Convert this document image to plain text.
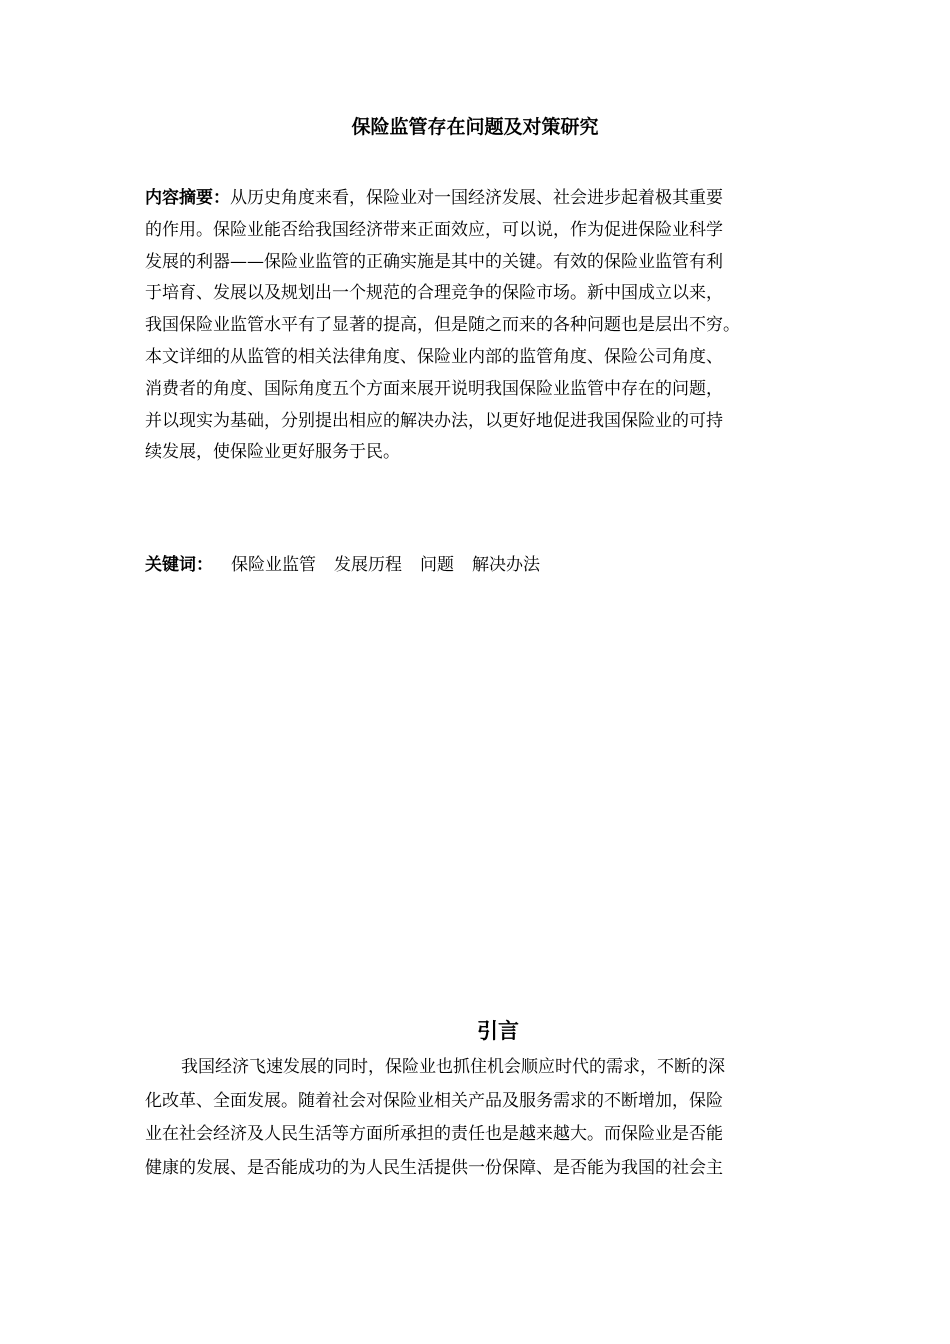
保险监管存在问题及对策研究

内容摘要：从历史角度来看，保险业对一国经济发展、社会进步起着极其重要
的作用。保险业能否给我国经济带来正面效应，可以说，作为促进保险业科学
发展的利器——保险业监管的正确实施是其中的关键。有效的保险业监管有利
于培育、发展以及规划出一个规范的合理竞争的保险市场。新中国成立以来，
我国保险业监管水平有了显著的提高，但是随之而来的各种问题也是层出不穷。
本文详细的从监管的相关法律角度、保险业内部的监管角度、保险公司角度、
消费者的角度、国际角度五个方面来展开说明我国保险业监管中存在的问题，
并以现实为基础，分别提出相应的解决办法，以更好地促进我国保险业的可持
续发展，使保险业更好服务于民。

关键词： 保险业监管 发展历程 问题 解决办法

引言

我国经济飞速发展的同时，保险业也抓住机会顺应时代的需求，不断的深
化改革、全面发展。随着社会对保险业相关产品及服务需求的不断增加，保险
业在社会经济及人民生活等方面所承担的责任也是越来越大。而保险业是否能
健康的发展、是否能成功的为人民生活提供一份保障、是否能为我国的社会主
